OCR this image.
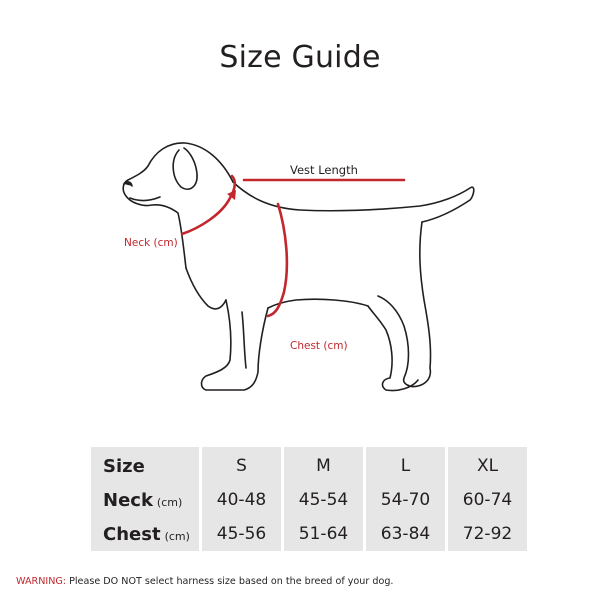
Size Guide
Vest Length
Neck (cm)
Chest (cm)
Size	S	M	L	XL
Neck (cm)	40-48	45-54	54-70	60-74
Chest (cm)	45-56	51-64	63-84	72-92
WARNING: Please DO NOT select harness size based on the breed of your dog.
